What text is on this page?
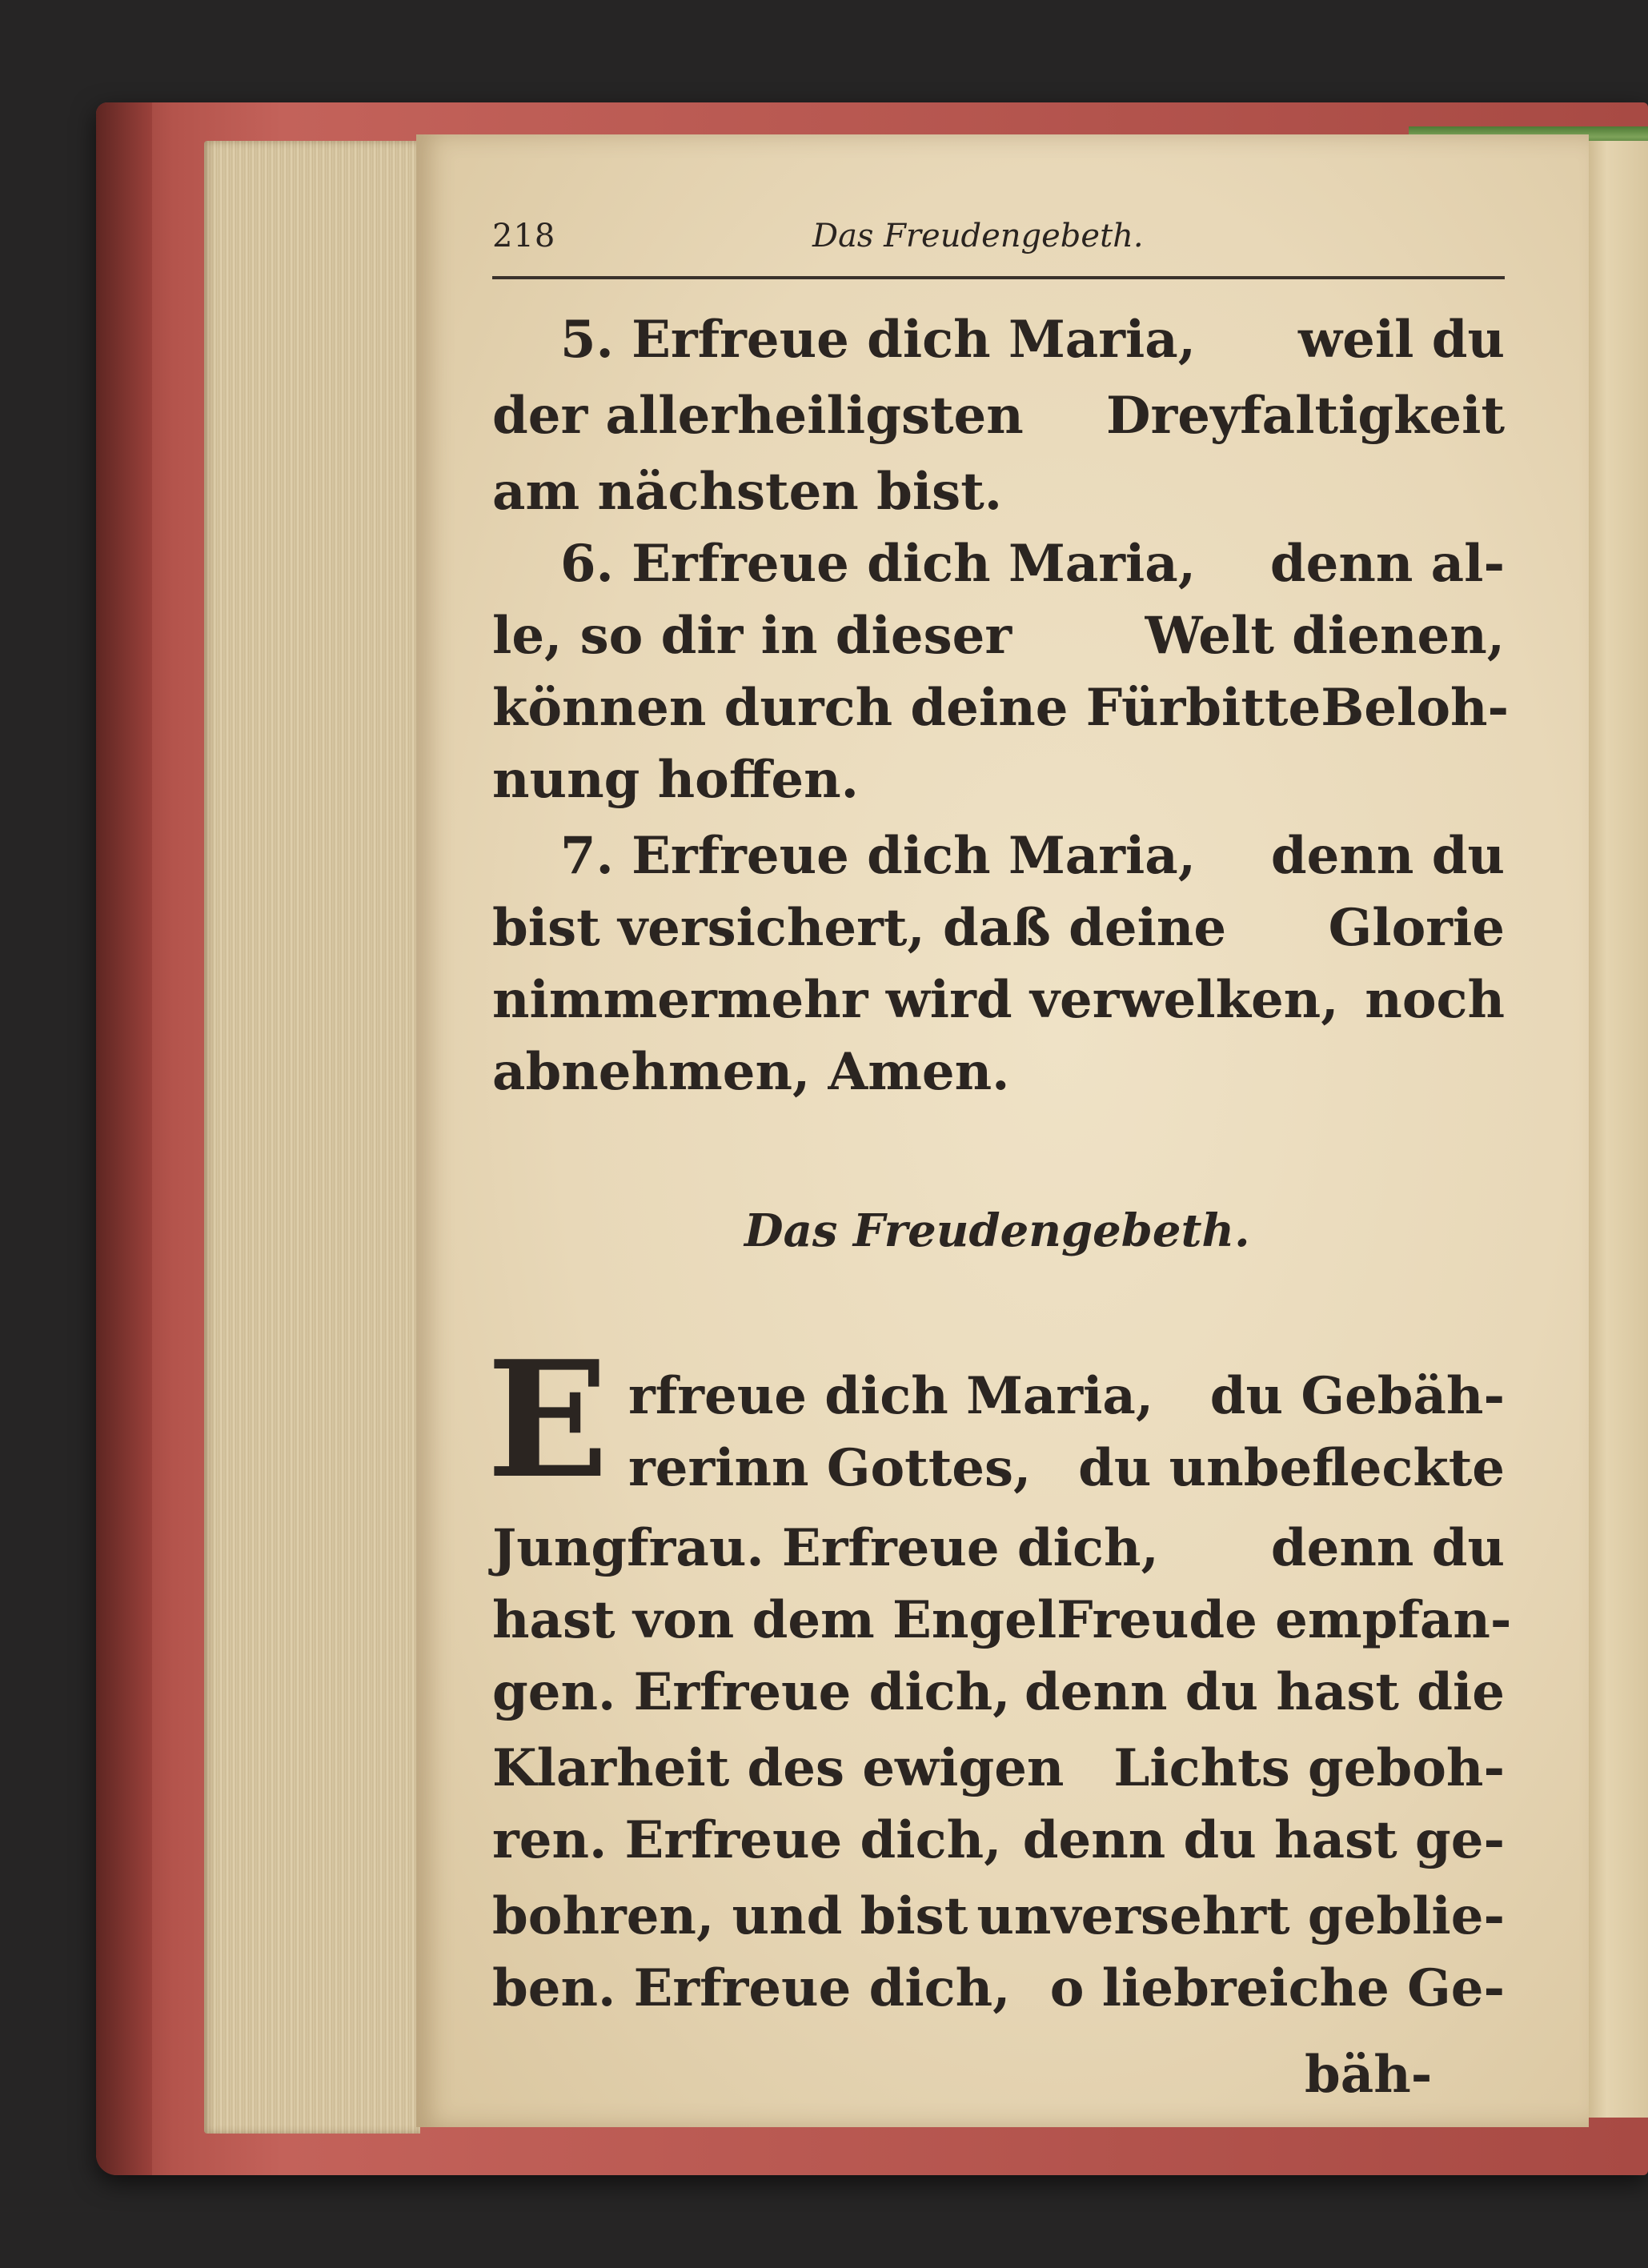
218	Das Freudengebeth.
5. Erfreue dich Maria, weil du
der allerheiligsten Dreyfaltigkeit
am nächsten bist.
6. Erfreue dich Maria, denn al-
le, so dir in dieser	Welt dienen,
können durch deine Fürbitte Beloh-
nung hoffen.
7. Erfreue dich Maria, denn du
bist versichert, daß deine Glorie
nimmermehr wird verwelken, noch
abnehmen, Amen.
Das Freudengebeth.
E rfreue dich Maria, du Gebäh-
rerinn Gottes, du unbefleckte
Jungfrau. Erfreue dich, denn du
hast von dem Engel Freude empfan-
gen. Erfreue dich, denn du hast die
Klarheit des ewigen Lichts geboh-
ren. Erfreue dich, denn du hast ge-
bohren, und bist unversehrt geblie-
ben. Erfreue dich, o liebreiche Ge-
bäh-
